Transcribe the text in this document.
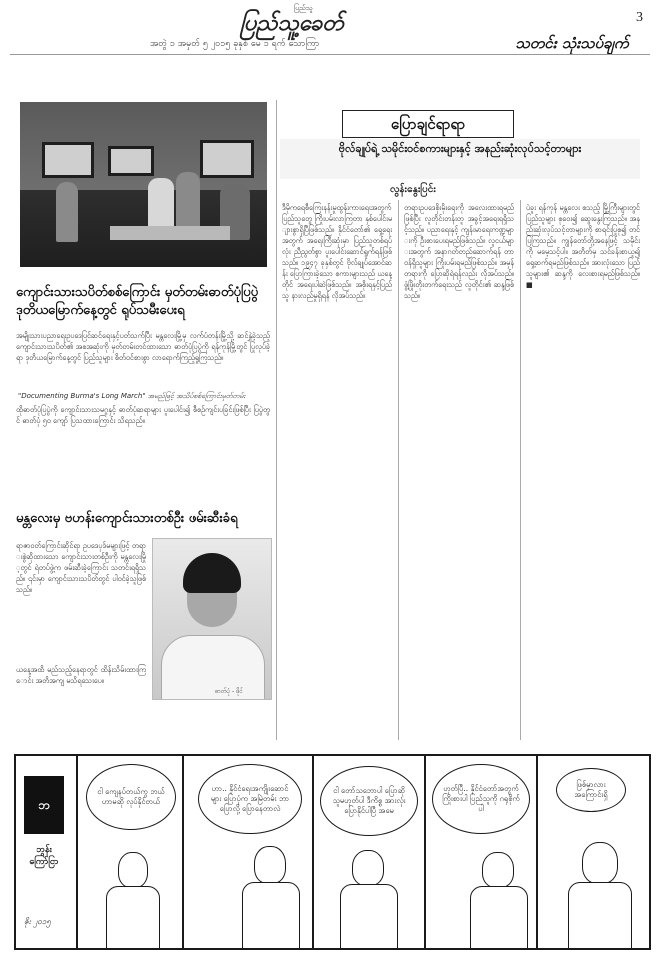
ပြည်သူ
ပြည်သူ့ခေတ်
အတွဲ ၁ အမှတ် ၅ ၂၀၁၅ ခုနှစ် မေ ၁ ရက် သောကြာ
3
သတင်း သုံးသပ်ချက်
ကျောင်းသားသပိတ်စစ်ကြောင်း မှတ်တမ်းဓာတ်ပုံပြပွဲ ဒုတိယမြောက်နေ့တွင် ရုပ်သမီးပေးရ
အမျိုးသားပညာရေးဥပဒေပြင်ဆင်ရေးနှင့်ပတ်သက်ပြီး မန္တလေးမြို့မှ လက်ပံတန်းမြို့သို့ ဆင်နွှဲခဲ့သည့် ကျောင်းသားသပိတ်၏ အစအဆုံးကို မှတ်တမ်းတင်ထားသော ဓာတ်ပုံပြပွဲကို ရန်ကုန်မြို့တွင် ပြုလုပ်ခဲ့ရာ ဒုတိယမြောက်နေ့တွင် ပြည်သူများ စိတ်ဝင်စားစွာ လာရောက်ကြည့်ရှုကြသည်။
"Documenting Burma's Long March" အမည်ဖြင့် အသိပ်စစ်ကြောင်းမှတ်တမ်း
ထိုဓာတ်ပုံပြပွဲကို ကျောင်းသားသမဂ္ဂနှင့် ဓာတ်ပုံဆရာများ ပူးပေါင်း၍ စီစဉ်ကျင်းပခြင်းဖြစ်ပြီး ပြပွဲတွင် ဓာတ်ပုံ ၅၀ ကျော် ပြသထားကြောင်း သိရသည်။
မန္တလေးမှ ဗဟန်းကျောင်းသားတစ်ဦး ဖမ်းဆီးခံရ
ရာဇာဝတ်ကြောင်းဆိုင်ရာ ဥပဒေပုဒ်မများဖြင့် တရားစွဲဆိုထားသော ကျောင်းသားတစ်ဦးကို မန္တလေးမြို့တွင် ရဲတပ်ဖွဲ့က ဖမ်းဆီးခဲ့ကြောင်း သတင်းရရှိသည်။ ၎င်းမှာ ကျောင်းသားသပိတ်တွင် ပါဝင်ခဲ့သူဖြစ်သည်။
ယနေ့အထိ မည်သည့်နေရာတွင် ထိန်းသိမ်းထားကြောင်း အတိအကျ မသိရသေးပေ။
ဓာတ်ပုံ - ဖိုင်
ပြောချင်ရာရာ
ဗိုလ်ချုပ်ရဲ့ သမိုင်းဝင်စကားများနှင့် အနည်းဆုံးလုပ်သင့်တာများ
လွန်းနွေးပြင်း
ဒီမိုကရေစီကြေးနန်းမှုထွန်းကားရေးအတွက် ပြည်သူတွေ ကြိုးပမ်းလာကြတာ နှစ်ပေါင်းများစွာရှိပြီဖြစ်သည်။ နိုင်ငံတော်၏ ရှေ့ရေးအတွက် အရေးကြီးဆုံးမှာ ပြည်သူတစ်ရပ်လုံး ညီညွတ်စွာ ပူးပေါင်းဆောင်ရွက်ရန်ဖြစ်သည်။ ၁၉၄၇ ခုနှစ်တွင် ဗိုလ်ချုပ်အောင်ဆန်း ပြောကြားခဲ့သော စကားများသည် ယနေ့တိုင် အရေးပါဆဲဖြစ်သည်။ အစိုးရနှင့်ပြည်သူ နားလည်မှုရှိရန် လိုအပ်သည်။
တရားဥပဒေစိုးမိုးရေးကို အလေးထားရမည်ဖြစ်ပြီး လူတိုင်းတန်းတူ အခွင့်အရေးရရှိသင့်သည်။ ပညာရေးနှင့် ကျန်းမာရေးကဏ္ဍများကို ဦးစားပေးရမည်ဖြစ်သည်။ လူငယ်များအတွက် အနာဂတ်တည်ဆောက်ရန် တာဝန်ရှိသူများ ကြိုးပမ်းရမည်ဖြစ်သည်။ အမှန်တရားကို ပြောဆိုရဲရန်လည်း လိုအပ်သည်။ ဖွံ့ဖြိုးတိုးတက်ရေးသည် လူတိုင်း၏ ဆန္ဒဖြစ်သည်။
ပဲခူး ရန်ကုန် မန္တလေး စသည့် မြို့ကြီးများတွင် ပြည်သူများ စုဝေး၍ ဆွေးနွေးကြသည်။ အနည်းဆုံးလုပ်သင့်တာများကို စာရင်းပြုစု၍ တင်ပြကြသည်။ ကျွန်တော်တို့အနေဖြင့် သမိုင်းကို မမေ့သင့်ပါ။ အတိတ်မှ သင်ခန်းစာယူ၍ ရှေ့ဆက်ရမည်ဖြစ်သည်။ အားလုံးသော ပြည်သူများ၏ ဆန္ဒကို လေးစားရမည်ဖြစ်သည်။ ■
ဘ
ဘွန်း ကြော်ငြာ
ဇိုး ၂၀၁၅
ငါ ကျေနပ်တယ်ကွ ဘယ်ဟာမဆို လုပ်နိုင်တယ်
ဟာ.. နိုင်ငံရေးအကျိုးဆောင်များ ပြောပုံက အမြဲတမ်း ဘာပြောလို့ ပြောနေတာလဲ
ငါ တော်သဘောပါ ပြောဆိုသူမဟုတ်ပါ ဒီကိစ္စ အားလုံး ပြောနိုင်ပါပြီ အမေ
ဟုတ်ပြီ.. နိုင်ငံတော်အတွက် ကြိုးစားပါ ပြည်သူကို ဂရုစိုက်ပါ
ဖြစ်မှာလား အကြောင်းရှိ
